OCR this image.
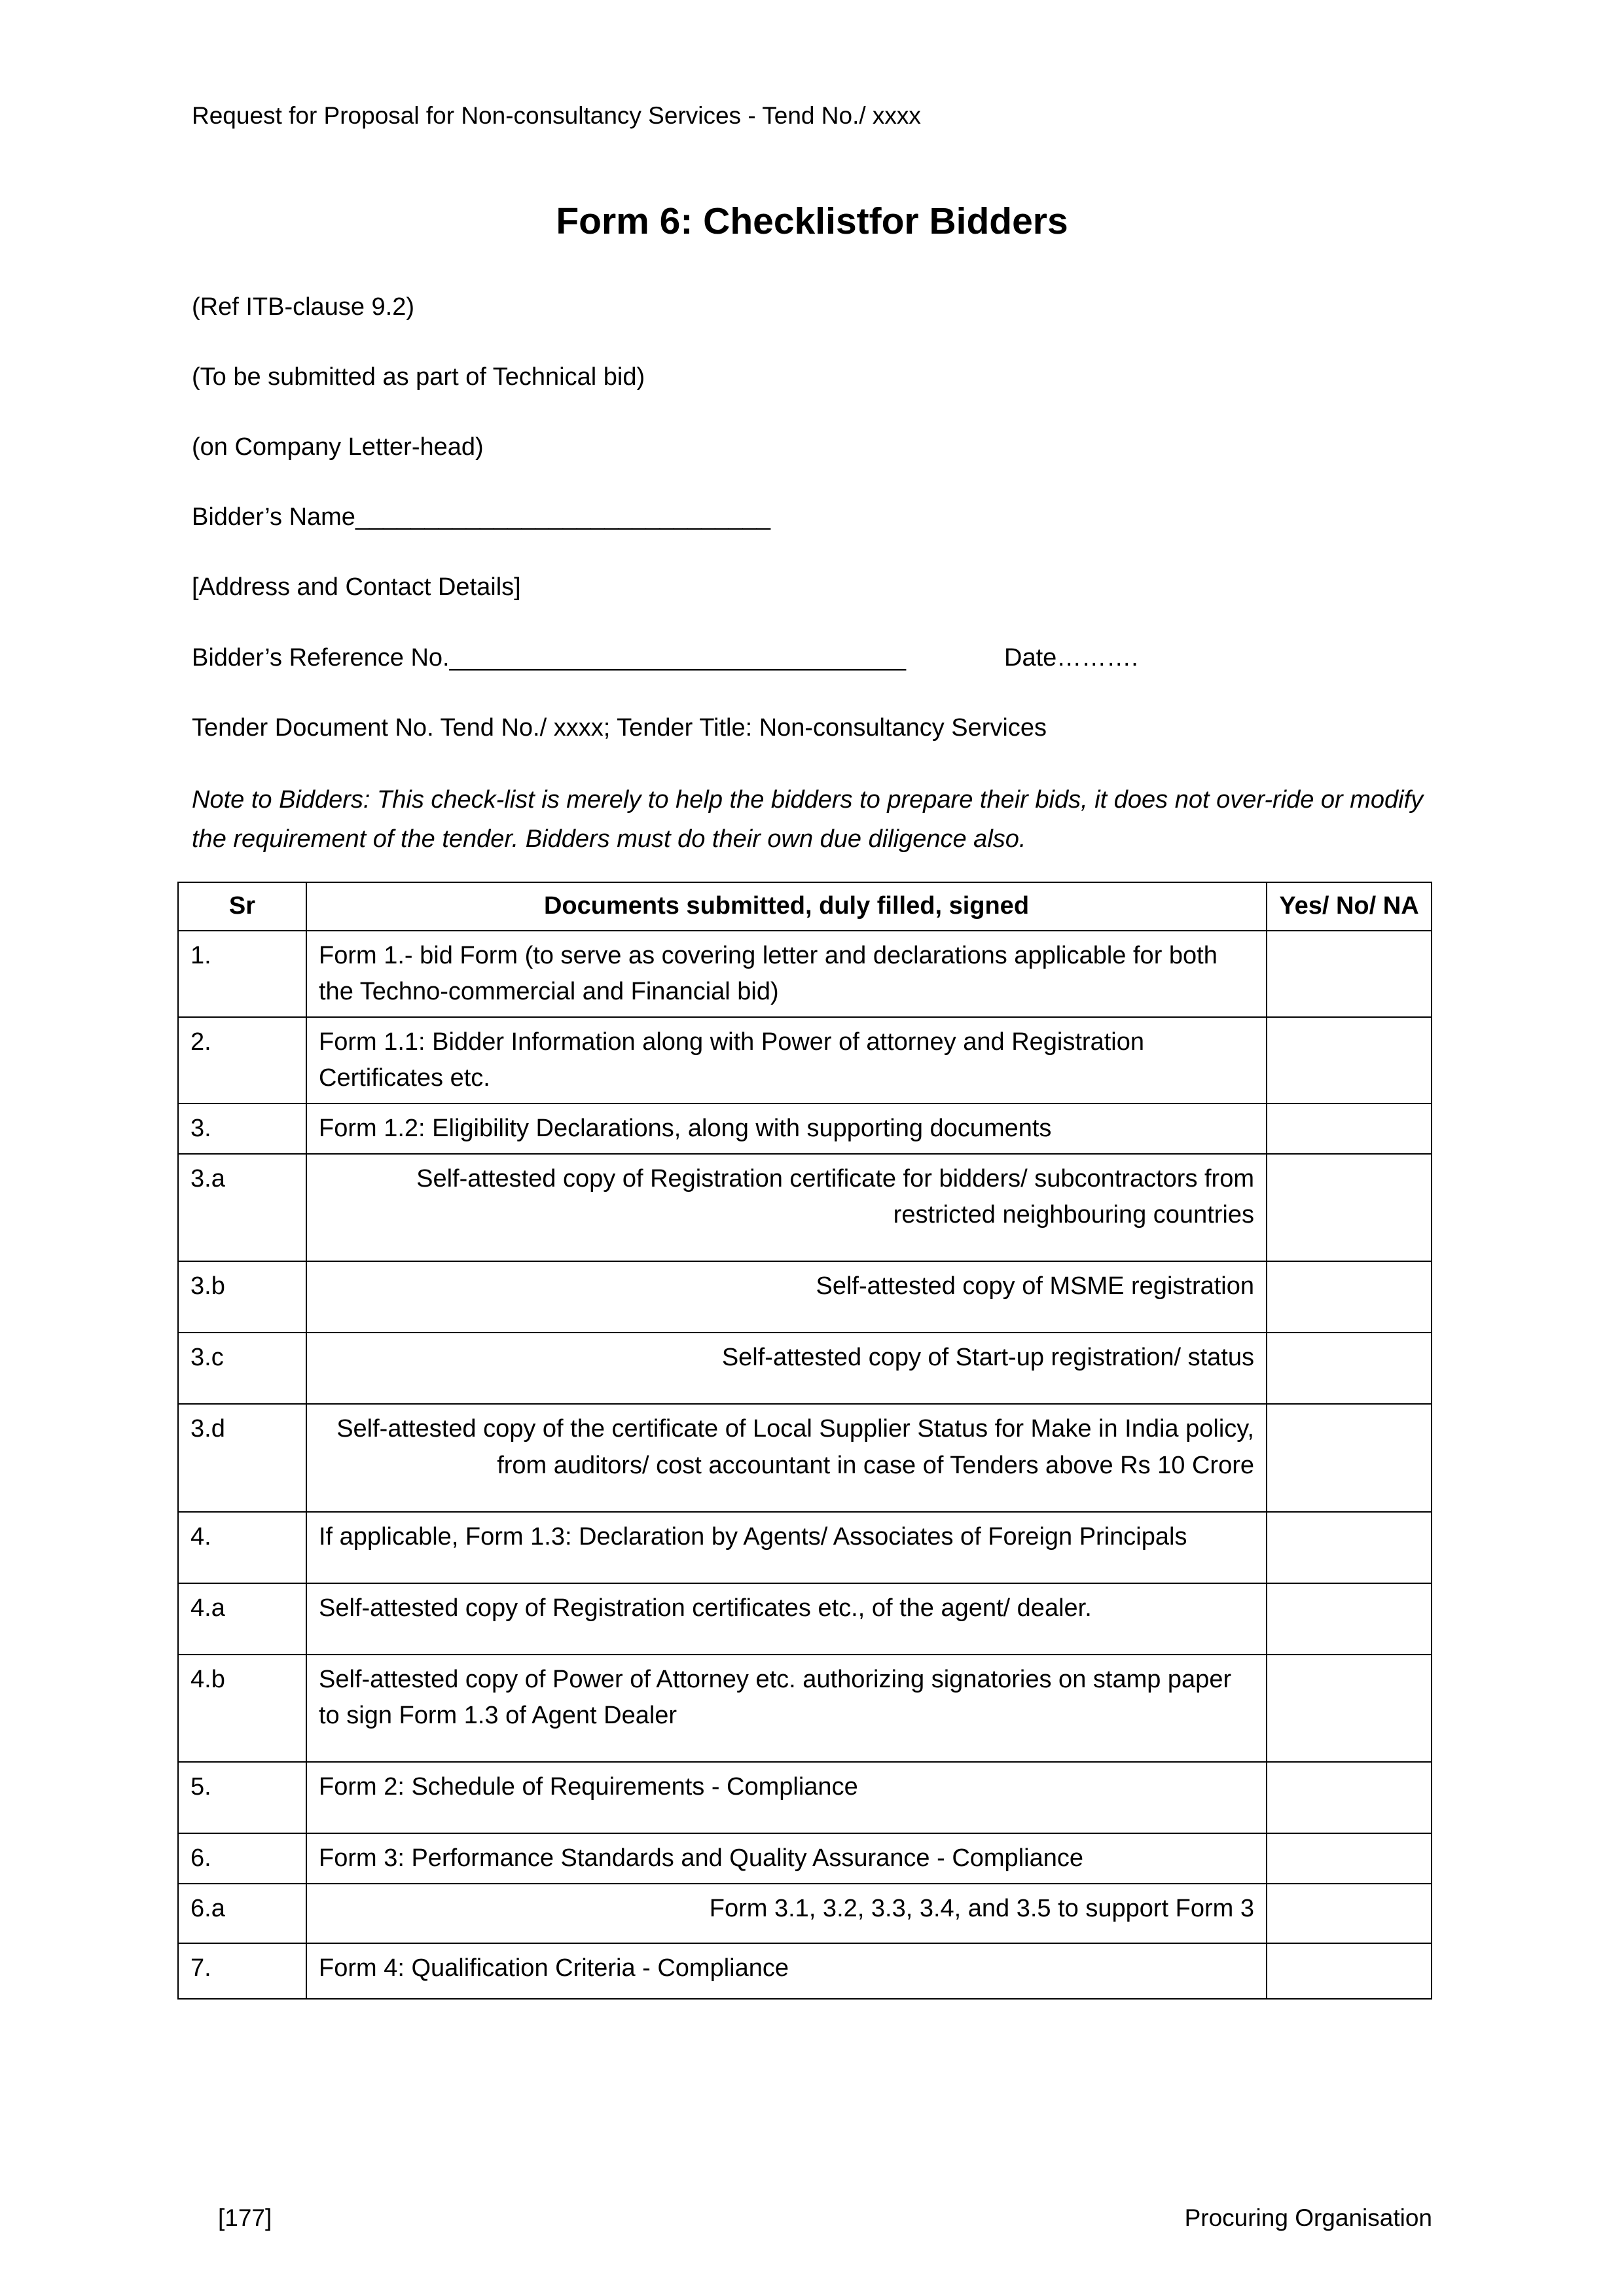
Request for Proposal for Non-consultancy Services - Tend No./ xxxx
Form 6: Checklistfor Bidders

(Ref ITB-clause 9.2)

(To be submitted as part of Technical bid)

(on Company Letter-head)

Bidder’s Name______________________________

[Address and Contact Details]

Bidder’s Reference No._________________________________	Date……….

Tender Document No. Tend No./ xxxx; Tender Title: Non-consultancy Services

Note to Bidders: This check-list is merely to help the bidders to prepare their bids, it does not over-ride or modify the requirement of the tender. Bidders must do their own due diligence also.

Sr	Documents submitted, duly filled, signed	Yes/ No/ NA
1.	Form 1.- bid Form (to serve as covering letter and declarations applicable for both the Techno-commercial and Financial bid)	
2.	Form 1.1: Bidder Information along with Power of attorney and Registration Certificates etc.	
3.	Form 1.2: Eligibility Declarations, along with supporting documents	
3.a	Self-attested copy of Registration certificate for bidders/ subcontractors from restricted neighbouring countries	
3.b	Self-attested copy of MSME registration	
3.c	Self-attested copy of Start-up registration/ status	
3.d	Self-attested copy of the certificate of Local Supplier Status for Make in India policy, from auditors/ cost accountant in case of Tenders above Rs 10 Crore	
4.	If applicable, Form 1.3: Declaration by Agents/ Associates of Foreign Principals	
4.a	Self-attested copy of Registration certificates etc., of the agent/ dealer.	
4.b	Self-attested copy of Power of Attorney etc. authorizing signatories on stamp paper to sign Form 1.3 of Agent Dealer	
5.	Form 2: Schedule of Requirements - Compliance	
6.	Form 3: Performance Standards and Quality Assurance - Compliance	
6.a	Form 3.1, 3.2, 3.3, 3.4, and 3.5 to support Form 3	
7.	Form 4: Qualification Criteria - Compliance	
[177]	Procuring Organisation
